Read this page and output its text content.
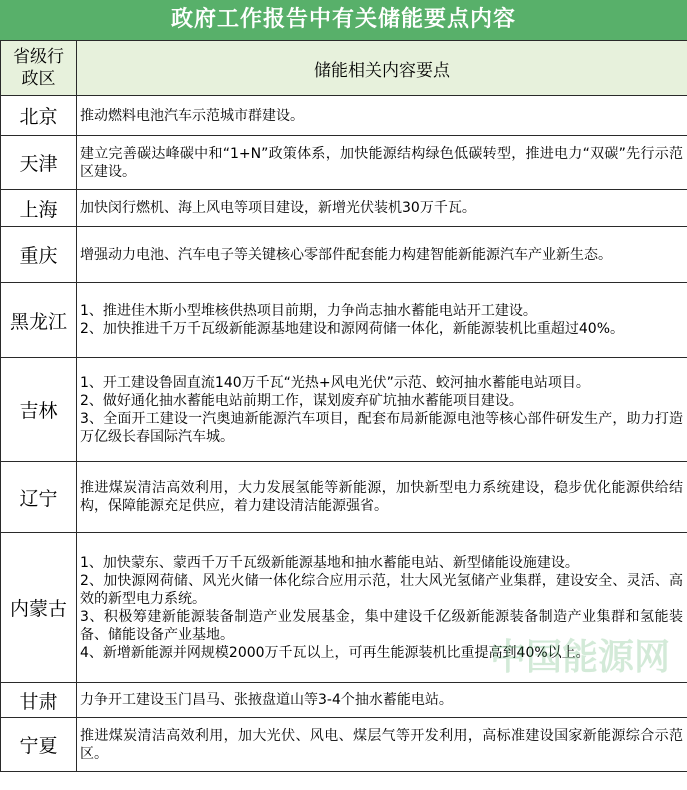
政府工作报告中有关储能要点内容
省级行
政区	储能相关内容要点
北京	推动燃料电池汽车示范城市群建设。

天津	建立完善碳达峰碳中和“1+N”政策体系，加快能源结构绿色低碳转型，推进电力“双碳”先行示范区建设。

上海	加快闵行燃机、海上风电等项目建设，新增光伏装机30万千瓦。

重庆	增强动力电池、汽车电子等关键核心零部件配套能力构建智能新能源汽车产业新生态。

黑龙江	1、推进佳木斯小型堆核供热项目前期，力争尚志抽水蓄能电站开工建设。
2、加快推进千万千瓦级新能源基地建设和源网荷储一体化，新能源装机比重超过40%。

吉林	1、开工建设鲁固直流140万千瓦“光热+风电光伏”示范、蛟河抽水蓄能电站项目。
2、做好通化抽水蓄能电站前期工作，谋划废弃矿坑抽水蓄能项目建设。
3、全面开工建设一汽奥迪新能源汽车项目，配套布局新能源电池等核心部件研发生产，助力打造万亿级长春国际汽车城。

辽宁	推进煤炭清洁高效利用，大力发展氢能等新能源，加快新型电力系统建设，稳步优化能源供给结构，保障能源充足供应，着力建设清洁能源强省。

内蒙古	1、加快蒙东、蒙西千万千瓦级新能源基地和抽水蓄能电站、新型储能设施建设。
2、加快源网荷储、风光火储一体化综合应用示范，壮大风光氢储产业集群，建设安全、灵活、高效的新型电力系统。
3、积极筹建新能源装备制造产业发展基金，集中建设千亿级新能源装备制造产业集群和氢能装备、储能设备产业基地。
4、新增新能源并网规模2000万千瓦以上，可再生能源装机比重提高到40%以上。

甘肃	力争开工建设玉门昌马、张掖盘道山等3-4个抽水蓄能电站。

宁夏	推进煤炭清洁高效利用，加大光伏、风电、煤层气等开发利用，高标准建设国家新能源综合示范区。
中国能源网
